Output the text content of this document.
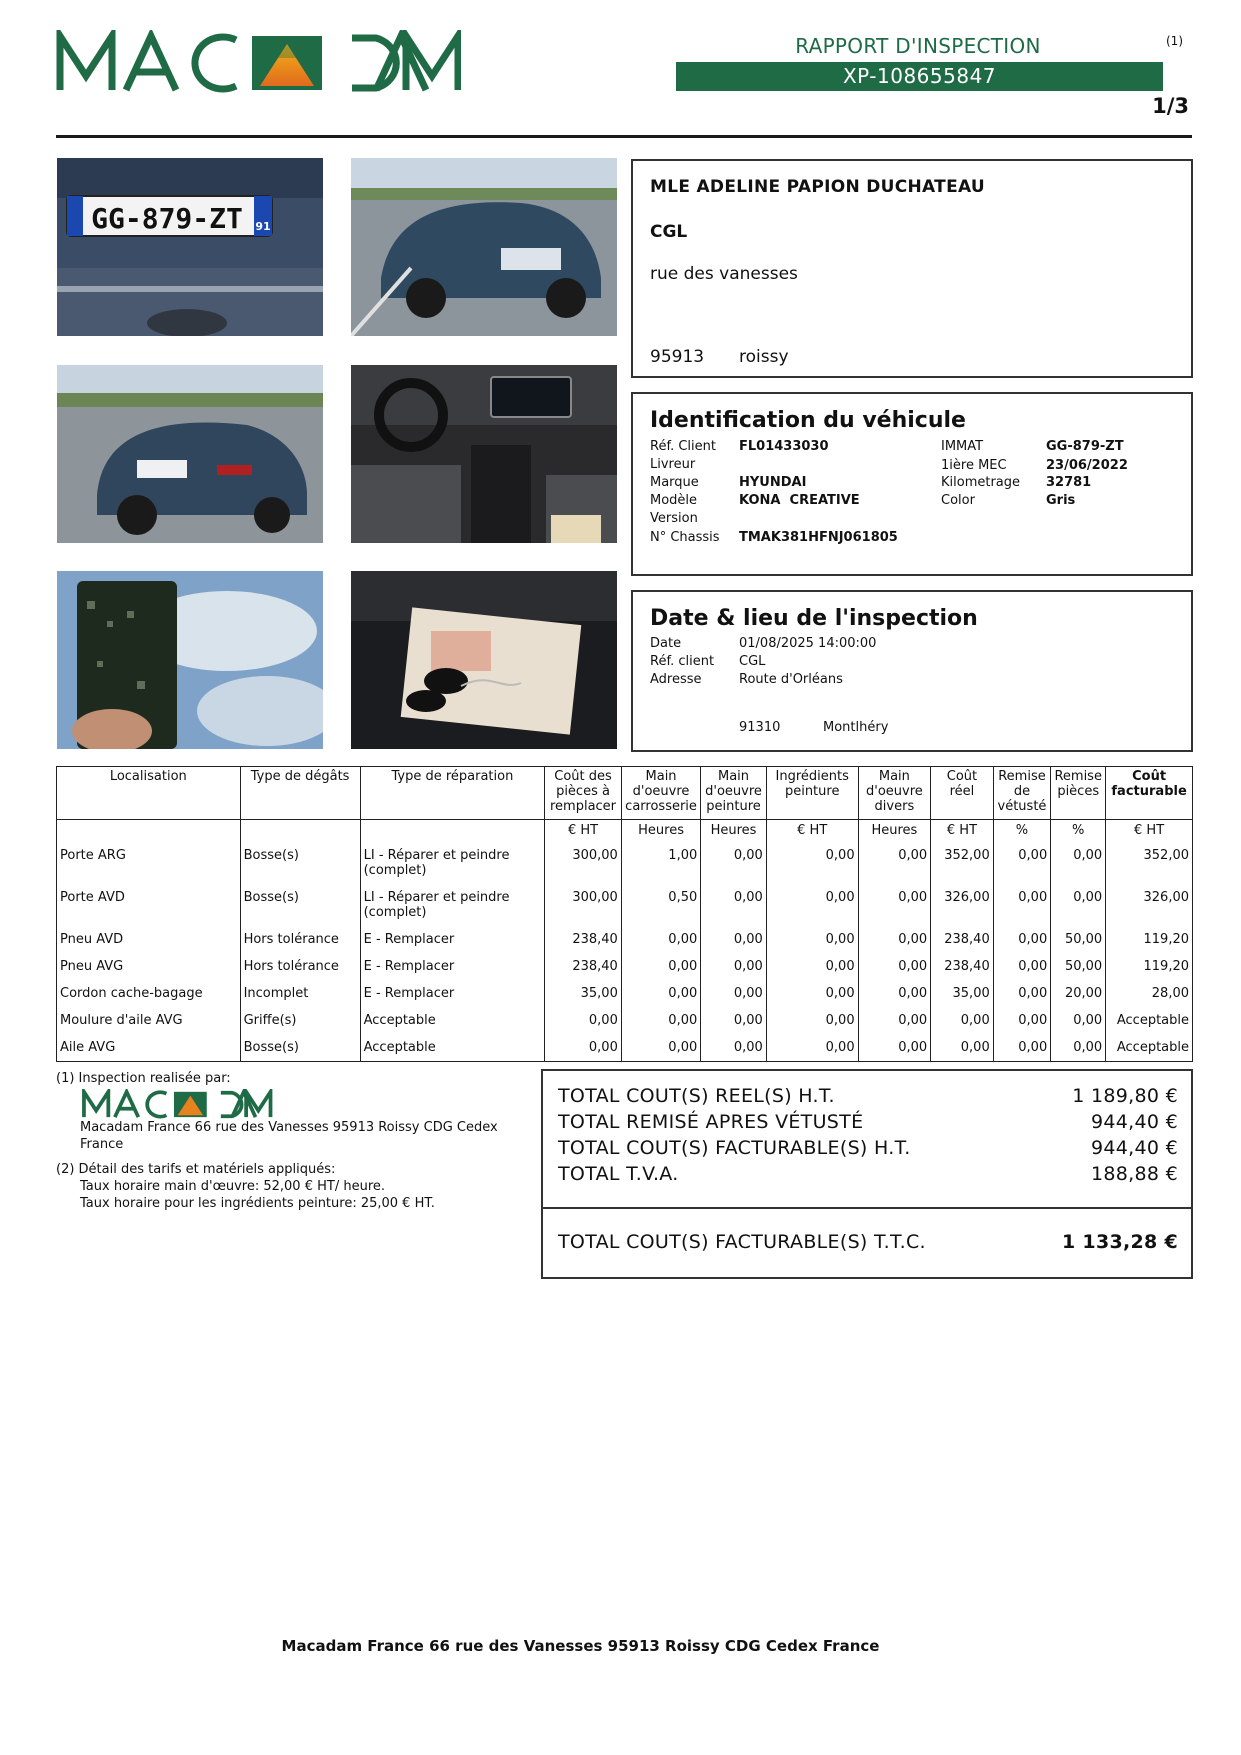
RAPPORT D'INSPECTION	(1)
XP-108655847
1/3
GG-879-ZT 91
MLE ADELINE PAPION DUCHATEAU
CGL
rue des vanesses
95913 roissy
Identification du véhicule
Réf. Client FL01433030
Livreur
Marque	HYUNDAI
Modèle	KONA  CREATIVE
Version
N° Chassis TMAK381HFNJ061805
IMMAT	GG-879-ZT
1ière MEC	23/06/2022
Kilometrage 32781
Color	Gris
Date & lieu de l'inspection
Date	01/08/2025 14:00:00
Réf. client CGL
Adresse	Route d'Orléans
91310	Montlhéry
Localisation	Type de dégâts	Type de réparation	Coût des pièces à remplacer	Main d'oeuvre carrosserie	Main d'oeuvre peinture	Ingrédients peinture	Main d'oeuvre divers	Coût réel	Remise de vétusté	Remise pièces	Coût facturable
			€ HT	Heures	Heures	€ HT	Heures	€ HT	%	%	€ HT
Porte ARG	Bosse(s)	LI - Réparer et peindre (complet)	300,00	1,00	0,00	0,00	0,00	352,00	0,00	0,00	352,00
Porte AVD	Bosse(s)	LI - Réparer et peindre (complet)	300,00	0,50	0,00	0,00	0,00	326,00	0,00	0,00	326,00
Pneu AVD	Hors tolérance	E - Remplacer	238,40	0,00	0,00	0,00	0,00	238,40	0,00	50,00	119,20
Pneu AVG	Hors tolérance	E - Remplacer	238,40	0,00	0,00	0,00	0,00	238,40	0,00	50,00	119,20
Cordon cache-bagage	Incomplet	E - Remplacer	35,00	0,00	0,00	0,00	0,00	35,00	0,00	20,00	28,00
Moulure d'aile AVG	Griffe(s)	Acceptable	0,00	0,00	0,00	0,00	0,00	0,00	0,00	0,00	Acceptable
Aile AVG	Bosse(s)	Acceptable	0,00	0,00	0,00	0,00	0,00	0,00	0,00	0,00	Acceptable
(1) Inspection realisée par:
Macadam France 66 rue des Vanesses 95913 Roissy CDG Cedex France
(2) Détail des tarifs et matériels appliqués:
Taux horaire main d'œuvre: 52,00 € HT/ heure.
Taux horaire pour les ingrédients peinture: 25,00 € HT.
TOTAL COUT(S) REEL(S) H.T.	1 189,80 €
TOTAL REMISÉ APRES VÉTUSTÉ	944,40 €
TOTAL COUT(S) FACTURABLE(S) H.T.	944,40 €
TOTAL T.V.A.	188,88 €
TOTAL COUT(S) FACTURABLE(S) T.T.C.	1 133,28 €
Macadam France 66 rue des Vanesses 95913 Roissy CDG Cedex France
